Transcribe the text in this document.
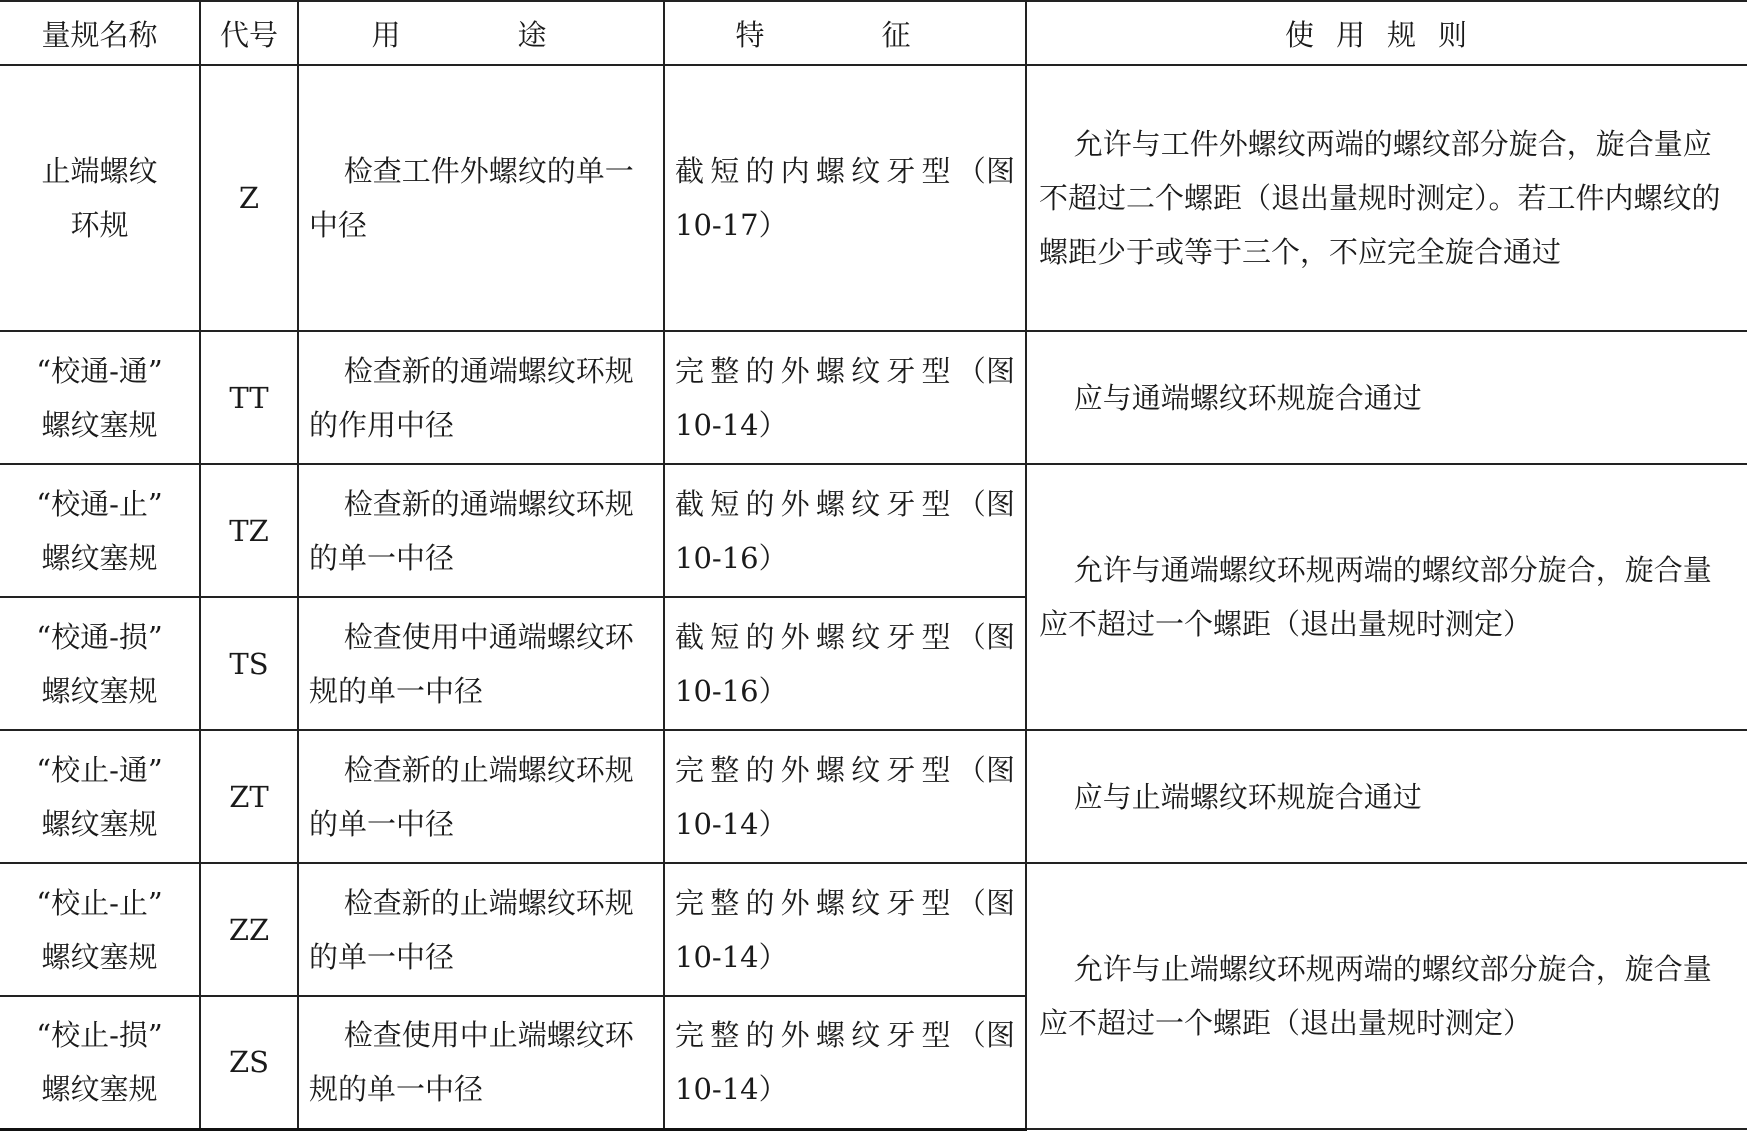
量规名称	代号	用　途	特　征	使用规则
止端螺纹
环规	Z	检查工件外螺纹的单一中径	截短的内螺纹牙型（图 10-17）	允许与工件外螺纹两端的螺纹部分旋合，旋合量应不超过二个螺距（退出量规时测定）。若工件内螺纹的螺距少于或等于三个，不应完全旋合通过
“校通-通”
螺纹塞规	TT	检查新的通端螺纹环规的作用中径	完整的外螺纹牙型（图 10-14）	应与通端螺纹环规旋合通过
“校通-止”
螺纹塞规	TZ	检查新的通端螺纹环规的单一中径	截短的外螺纹牙型（图 10-16）	允许与通端螺纹环规两端的螺纹部分旋合，旋合量应不超过一个螺距（退出量规时测定）
“校通-损”
螺纹塞规	TS	检查使用中通端螺纹环规的单一中径	截短的外螺纹牙型（图 10-16）	
“校止-通”
螺纹塞规	ZT	检查新的止端螺纹环规的单一中径	完整的外螺纹牙型（图 10-14）	应与止端螺纹环规旋合通过
“校止-止”
螺纹塞规	ZZ	检查新的止端螺纹环规的单一中径	完整的外螺纹牙型（图 10-14）	允许与止端螺纹环规两端的螺纹部分旋合，旋合量应不超过一个螺距（退出量规时测定）
“校止-损”
螺纹塞规	ZS	检查使用中止端螺纹环规的单一中径	完整的外螺纹牙型（图 10-14）	
